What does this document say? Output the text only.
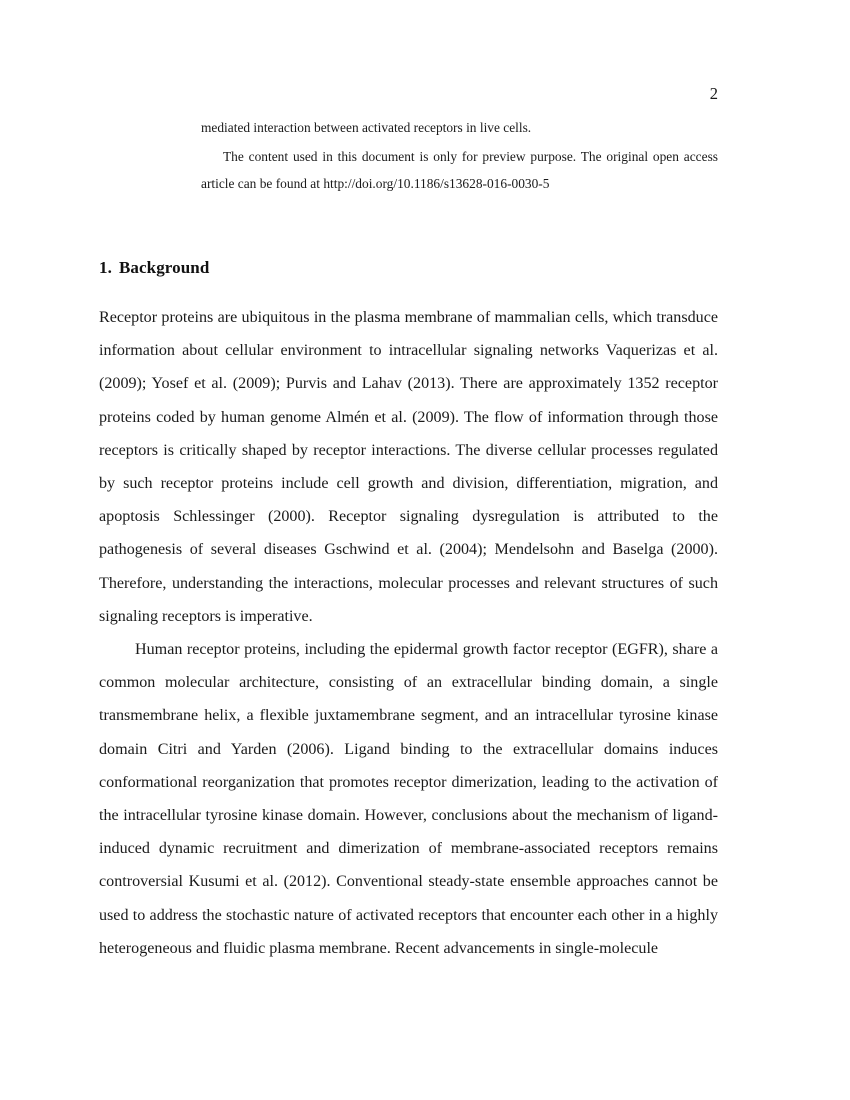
2

mediated interaction between activated receptors in live cells.

The content used in this document is only for preview purpose. The original open access article can be found at http://doi.org/10.1186/s13628-016-0030-5

1. Background

Receptor proteins are ubiquitous in the plasma membrane of mammalian cells, which transduce information about cellular environment to intracellular signaling networks Vaquerizas et al. (2009); Yosef et al. (2009); Purvis and Lahav (2013). There are approximately 1352 receptor proteins coded by human genome Almén et al. (2009). The flow of information through those receptors is critically shaped by receptor interactions. The diverse cellular processes regulated by such receptor proteins include cell growth and division, differentiation, migration, and apoptosis Schlessinger (2000). Receptor signaling dysregulation is attributed to the pathogenesis of several diseases Gschwind et al. (2004); Mendelsohn and Baselga (2000). Therefore, understanding the interactions, molecular processes and relevant structures of such signaling receptors is imperative.

Human receptor proteins, including the epidermal growth factor receptor (EGFR), share a common molecular architecture, consisting of an extracellular binding domain, a single transmembrane helix, a flexible juxtamembrane segment, and an intracellular tyrosine kinase domain Citri and Yarden (2006). Ligand binding to the extracellular domains induces conformational reorganization that promotes receptor dimerization, leading to the activation of the intracellular tyrosine kinase domain. However, conclusions about the mechanism of ligand-induced dynamic recruitment and dimerization of membrane-associated receptors remains controversial Kusumi et al. (2012). Conventional steady-state ensemble approaches cannot be used to address the stochastic nature of activated receptors that encounter each other in a highly heterogeneous and fluidic plasma membrane. Recent advancements in single-molecule
